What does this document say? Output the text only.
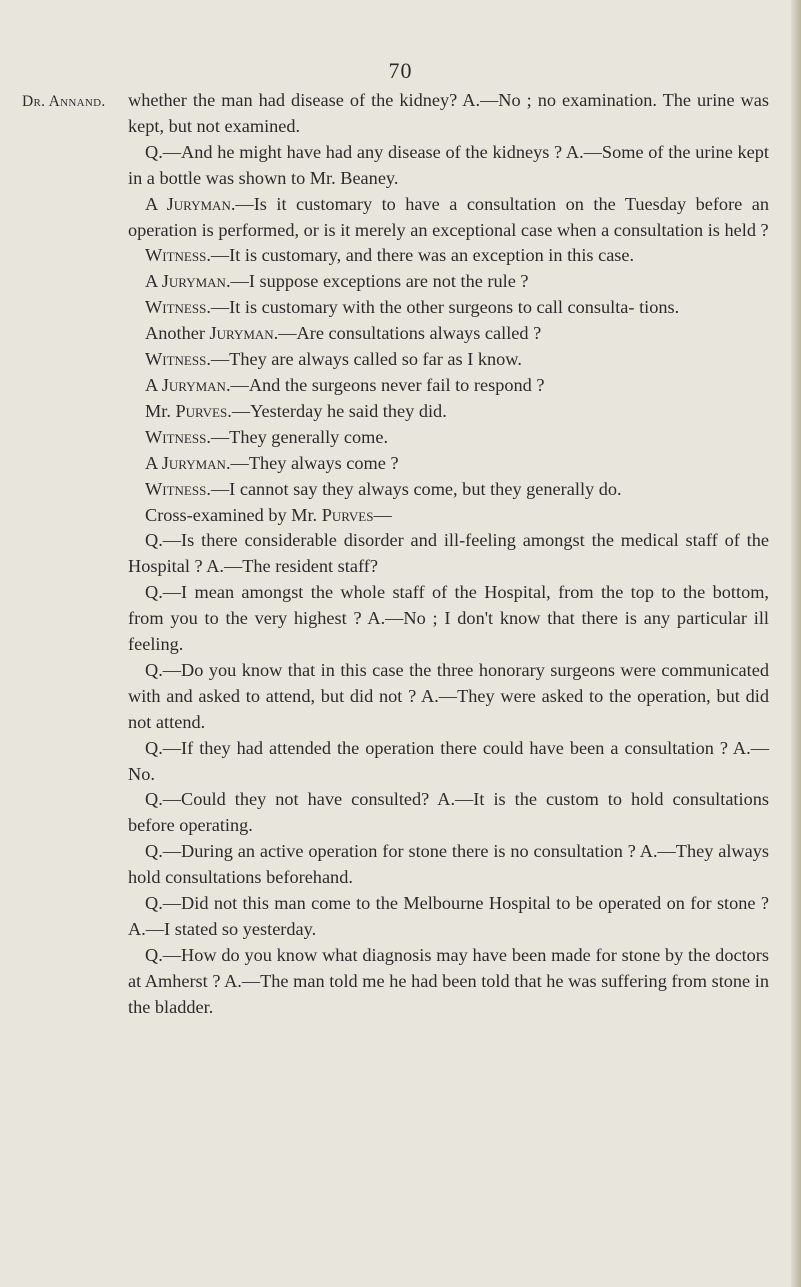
70
Dr. Annand. whether the man had disease of the kidney? A.—No ; no examination. The urine was kept, but not examined.

Q.—And he might have had any disease of the kidneys ? A.—Some of the urine kept in a bottle was shown to Mr. Beaney.

A Juryman.—Is it customary to have a consultation on the Tuesday before an operation is performed, or is it merely an exceptional case when a consultation is held ?

Witness.—It is customary, and there was an exception in this case.

A Juryman.—I suppose exceptions are not the rule ?

Witness.—It is customary with the other surgeons to call consulta- tions.

Another Juryman.—Are consultations always called ?

Witness.—They are always called so far as I know.

A Juryman.—And the surgeons never fail to respond ?

Mr. Purves.—Yesterday he said they did.

Witness.—They generally come.

A Juryman.—They always come ?

Witness.—I cannot say they always come, but they generally do.

Cross-examined by Mr. Purves—

Q.—Is there considerable disorder and ill-feeling amongst the medical staff of the Hospital ? A.—The resident staff?

Q.—I mean amongst the whole staff of the Hospital, from the top to the bottom, from you to the very highest ? A.—No ; I don't know that there is any particular ill feeling.

Q.—Do you know that in this case the three honorary surgeons were communicated with and asked to attend, but did not ? A.—They were asked to the operation, but did not attend.

Q.—If they had attended the operation there could have been a consultation ? A.—No.

Q.—Could they not have consulted? A.—It is the custom to hold consultations before operating.

Q.—During an active operation for stone there is no consultation ? A.—They always hold consultations beforehand.

Q.—Did not this man come to the Melbourne Hospital to be operated on for stone ? A.—I stated so yesterday.

Q.—How do you know what diagnosis may have been made for stone by the doctors at Amherst ? A.—The man told me he had been told that he was suffering from stone in the bladder.
